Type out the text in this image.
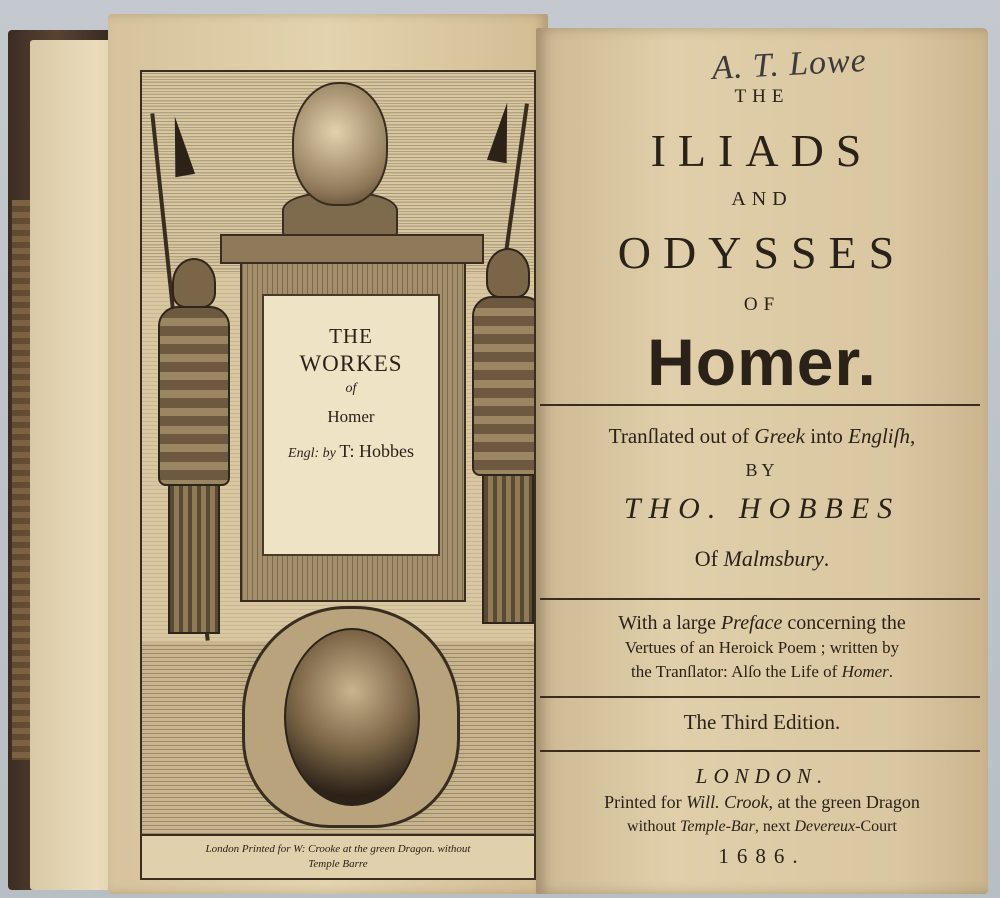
THE
WORKES
of
Homer
Engl: by T: Hobbes
London Printed for W: Crooke at the green Dragon. without
Temple Barre
THE
ILIADS
AND
ODYSSES
OF
Homer.
Tranſlated out of Greek into Engliſh,
BY
THO. HOBBES
Of Malmsbury.
With a large Preface concerning the
Vertues of an Heroick Poem ; written by
the Tranſlator: Alſo the Life of Homer.
The Third Edition.
LONDON.
Printed for Will. Crook, at the green Dragon
without Temple-Bar, next Devereux-Court
1686.
A. T. Lowe
